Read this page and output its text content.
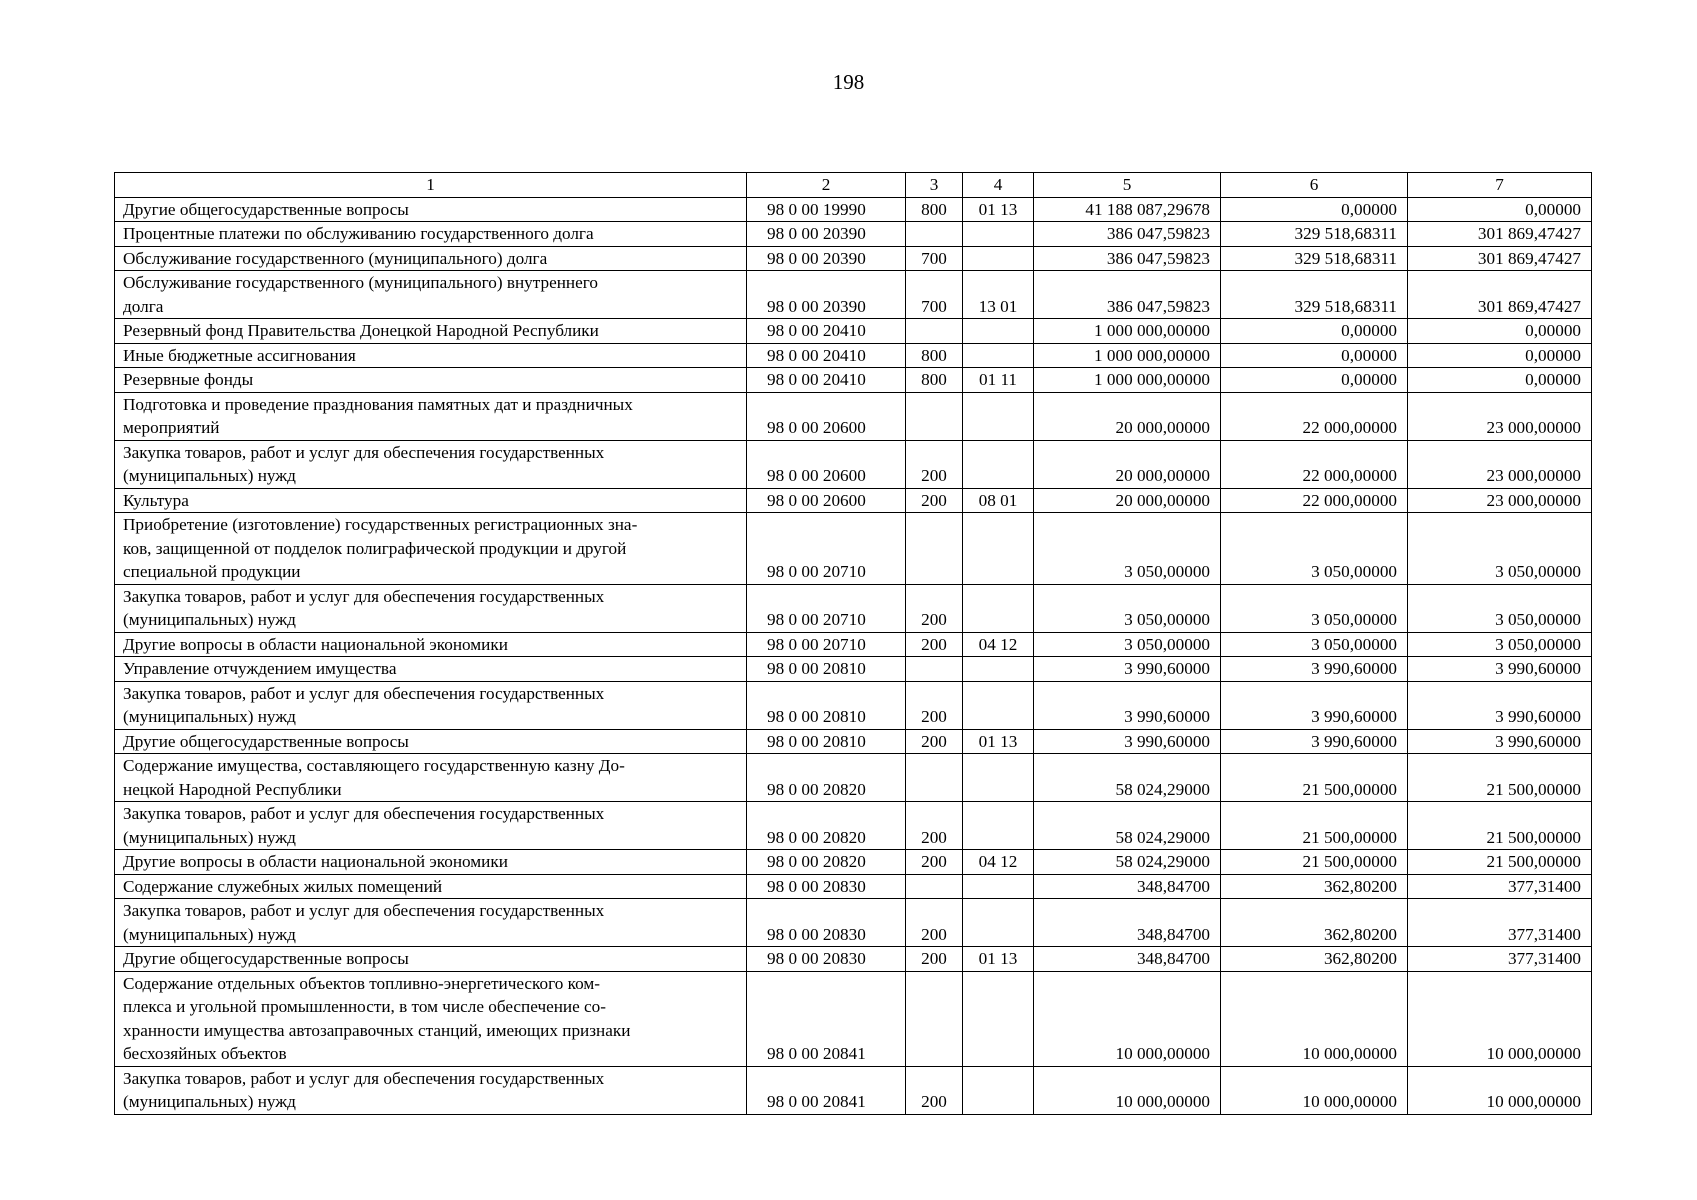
198
1	2	3	4	5	6	7
Другие общегосударственные вопросы	98 0 00 19990	800	01 13	41 188 087,29678	0,00000	0,00000
Процентные платежи по обслуживанию государственного долга	98 0 00 20390			386 047,59823	329 518,68311	301 869,47427
Обслуживание государственного (муниципального) долга	98 0 00 20390	700		386 047,59823	329 518,68311	301 869,47427
Обслуживание государственного (муниципального) внутреннего
долга	98 0 00 20390	700	13 01	386 047,59823	329 518,68311	301 869,47427
Резервный фонд Правительства Донецкой Народной Республики	98 0 00 20410			1 000 000,00000	0,00000	0,00000
Иные бюджетные ассигнования	98 0 00 20410	800		1 000 000,00000	0,00000	0,00000
Резервные фонды	98 0 00 20410	800	01 11	1 000 000,00000	0,00000	0,00000
Подготовка и проведение празднования памятных дат и праздничных
мероприятий	98 0 00 20600			20 000,00000	22 000,00000	23 000,00000
Закупка товаров, работ и услуг для обеспечения государственных
(муниципальных) нужд	98 0 00 20600	200		20 000,00000	22 000,00000	23 000,00000
Культура	98 0 00 20600	200	08 01	20 000,00000	22 000,00000	23 000,00000
Приобретение (изготовление) государственных регистрационных зна-
ков, защищенной от подделок полиграфической продукции и другой
специальной продукции	98 0 00 20710			3 050,00000	3 050,00000	3 050,00000
Закупка товаров, работ и услуг для обеспечения государственных
(муниципальных) нужд	98 0 00 20710	200		3 050,00000	3 050,00000	3 050,00000
Другие вопросы в области национальной экономики	98 0 00 20710	200	04 12	3 050,00000	3 050,00000	3 050,00000
Управление отчуждением имущества	98 0 00 20810			3 990,60000	3 990,60000	3 990,60000
Закупка товаров, работ и услуг для обеспечения государственных
(муниципальных) нужд	98 0 00 20810	200		3 990,60000	3 990,60000	3 990,60000
Другие общегосударственные вопросы	98 0 00 20810	200	01 13	3 990,60000	3 990,60000	3 990,60000
Содержание имущества, составляющего государственную казну До-
нецкой Народной Республики	98 0 00 20820			58 024,29000	21 500,00000	21 500,00000
Закупка товаров, работ и услуг для обеспечения государственных
(муниципальных) нужд	98 0 00 20820	200		58 024,29000	21 500,00000	21 500,00000
Другие вопросы в области национальной экономики	98 0 00 20820	200	04 12	58 024,29000	21 500,00000	21 500,00000
Содержание служебных жилых помещений	98 0 00 20830			348,84700	362,80200	377,31400
Закупка товаров, работ и услуг для обеспечения государственных
(муниципальных) нужд	98 0 00 20830	200		348,84700	362,80200	377,31400
Другие общегосударственные вопросы	98 0 00 20830	200	01 13	348,84700	362,80200	377,31400
Содержание отдельных объектов топливно-энергетического ком-
плекса и угольной промышленности, в том числе обеспечение со-
хранности имущества автозаправочных станций, имеющих признаки
бесхозяйных объектов	98 0 00 20841			10 000,00000	10 000,00000	10 000,00000
Закупка товаров, работ и услуг для обеспечения государственных
(муниципальных) нужд	98 0 00 20841	200		10 000,00000	10 000,00000	10 000,00000
